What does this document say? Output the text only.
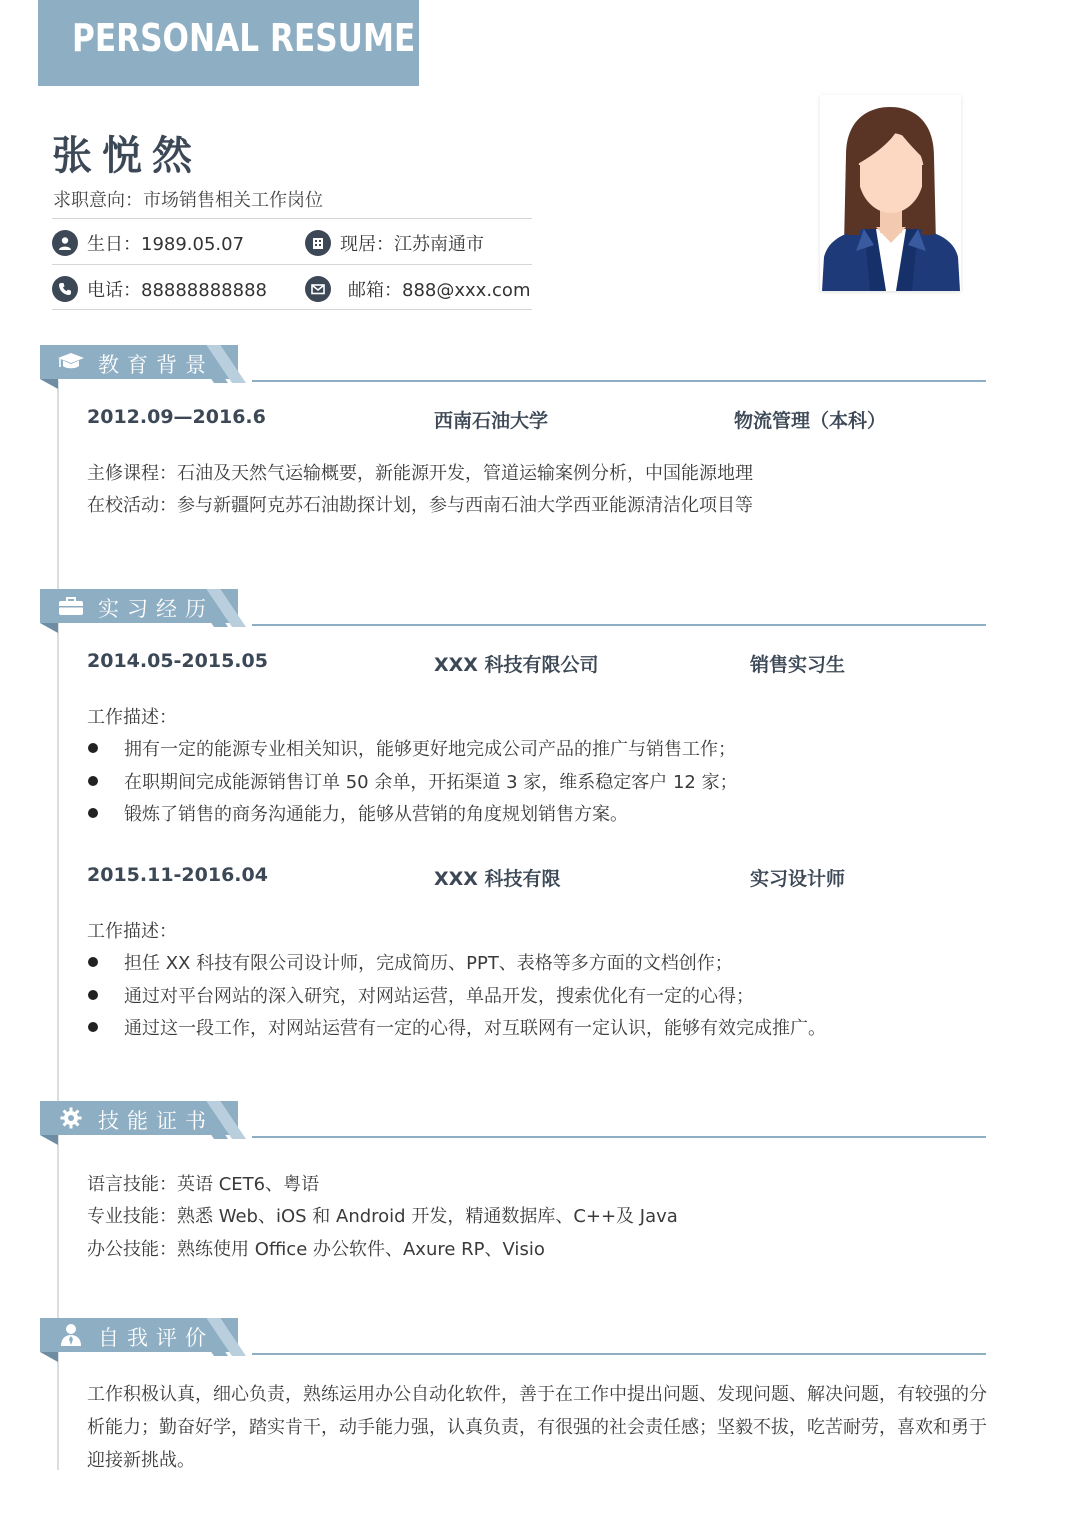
PERSONAL RESUME
张悦然
求职意向：市场销售相关工作岗位
生日：1989.05.07	现居：江苏南通市
电话：88888888888	邮箱：888@xxx.com
教育背景
2012.09—2016.6	西南石油大学	物流管理（本科）
主修课程：石油及天然气运输概要，新能源开发，管道运输案例分析，中国能源地理
在校活动：参与新疆阿克苏石油勘探计划，参与西南石油大学西亚能源清洁化项目等
实习经历
2014.05-2015.05	XXX 科技有限公司	销售实习生
工作描述：
拥有一定的能源专业相关知识，能够更好地完成公司产品的推广与销售工作；
在职期间完成能源销售订单 50 余单，开拓渠道 3 家，维系稳定客户 12 家；
锻炼了销售的商务沟通能力，能够从营销的角度规划销售方案。
2015.11-2016.04	XXX 科技有限	实习设计师
工作描述：
担任 XX 科技有限公司设计师，完成简历、PPT、表格等多方面的文档创作；
通过对平台网站的深入研究，对网站运营，单品开发，搜索优化有一定的心得；
通过这一段工作，对网站运营有一定的心得，对互联网有一定认识，能够有效完成推广。
技能证书
语言技能：英语 CET6、粤语
专业技能：熟悉 Web、iOS 和 Android 开发，精通数据库、C++及 Java
办公技能：熟练使用 Office 办公软件、Axure RP、Visio
自我评价
工作积极认真，细心负责，熟练运用办公自动化软件，善于在工作中提出问题、发现问题、解决问题，有较强的分析能力；勤奋好学，踏实肯干，动手能力强，认真负责，有很强的社会责任感；坚毅不拔，吃苦耐劳，喜欢和勇于迎接新挑战。
